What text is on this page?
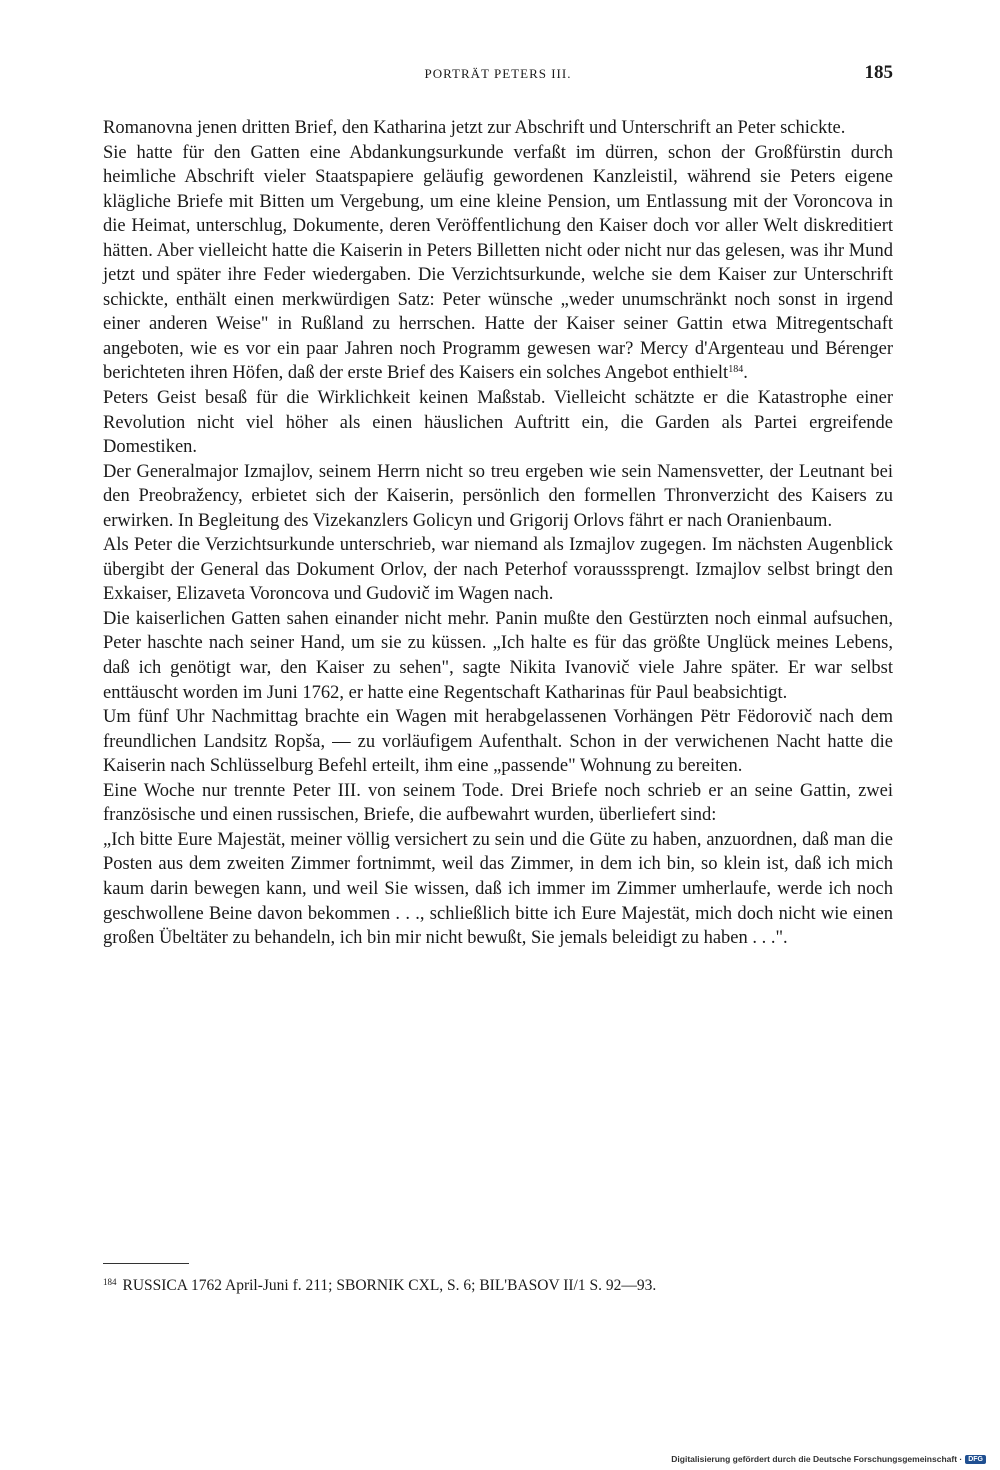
PORTRÄT PETERS III.	185

Romanovna jenen dritten Brief, den Katharina jetzt zur Abschrift und Unterschrift an Peter schickte.

Sie hatte für den Gatten eine Abdankungsurkunde verfaßt im dürren, schon der Großfürstin durch heimliche Abschrift vieler Staatspapiere geläufig gewordenen Kanzleistil, während sie Peters eigene klägliche Briefe mit Bitten um Vergebung, um eine kleine Pension, um Entlassung mit der Voroncova in die Heimat, unterschlug, Dokumente, deren Veröffentlichung den Kaiser doch vor aller Welt diskreditiert hätten. Aber vielleicht hatte die Kaiserin in Peters Billetten nicht oder nicht nur das gelesen, was ihr Mund jetzt und später ihre Feder wiedergaben. Die Verzichtsurkunde, welche sie dem Kaiser zur Unterschrift schickte, enthält einen merkwürdigen Satz: Peter wünsche „weder unumschränkt noch sonst in irgend einer anderen Weise" in Rußland zu herrschen. Hatte der Kaiser seiner Gattin etwa Mitregentschaft angeboten, wie es vor ein paar Jahren noch Programm gewesen war? Mercy d'Argenteau und Bérenger berichteten ihren Höfen, daß der erste Brief des Kaisers ein solches Angebot enthielt$^{184}$.

Peters Geist besaß für die Wirklichkeit keinen Maßstab. Vielleicht schätzte er die Katastrophe einer Revolution nicht viel höher als einen häuslichen Auftritt ein, die Garden als Partei ergreifende Domestiken.

Der Generalmajor Izmajlov, seinem Herrn nicht so treu ergeben wie sein Namensvetter, der Leutnant bei den Preobražency, erbietet sich der Kaiserin, persönlich den formellen Thronverzicht des Kaisers zu erwirken. In Begleitung des Vizekanzlers Golicyn und Grigorij Orlovs fährt er nach Oranienbaum.

Als Peter die Verzichtsurkunde unterschrieb, war niemand als Izmajlov zugegen. Im nächsten Augenblick übergibt der General das Dokument Orlov, der nach Peterhof vorausssprengt. Izmajlov selbst bringt den Exkaiser, Elizaveta Voroncova und Gudovič im Wagen nach.

Die kaiserlichen Gatten sahen einander nicht mehr. Panin mußte den Gestürzten noch einmal aufsuchen, Peter haschte nach seiner Hand, um sie zu küssen. „Ich halte es für das größte Unglück meines Lebens, daß ich genötigt war, den Kaiser zu sehen", sagte Nikita Ivanovič viele Jahre später. Er war selbst enttäuscht worden im Juni 1762, er hatte eine Regentschaft Katharinas für Paul beabsichtigt.

Um fünf Uhr Nachmittag brachte ein Wagen mit herabgelassenen Vorhängen Pëtr Fëdorovič nach dem freundlichen Landsitz Ropša, — zu vorläufigem Aufenthalt. Schon in der verwichenen Nacht hatte die Kaiserin nach Schlüsselburg Befehl erteilt, ihm eine „passende" Wohnung zu bereiten.

Eine Woche nur trennte Peter III. von seinem Tode. Drei Briefe noch schrieb er an seine Gattin, zwei französische und einen russischen, Briefe, die aufbewahrt wurden, überliefert sind:

„Ich bitte Eure Majestät, meiner völlig versichert zu sein und die Güte zu haben, anzuordnen, daß man die Posten aus dem zweiten Zimmer fortnimmt, weil das Zimmer, in dem ich bin, so klein ist, daß ich mich kaum darin bewegen kann, und weil Sie wissen, daß ich immer im Zimmer umherlaufe, werde ich noch geschwollene Beine davon bekommen . . ., schließlich bitte ich Eure Majestät, mich doch nicht wie einen großen Übeltäter zu behandeln, ich bin mir nicht bewußt, Sie jemals beleidigt zu haben . . .".

$^{184}$ RUSSICA 1762 April-Juni f. 211; SBORNIK CXL, S. 6; BIL'BASOV II/1 S. 92—93.
Digitalisierung gefördert durch die Deutsche Forschungsgemeinschaft · DFG
